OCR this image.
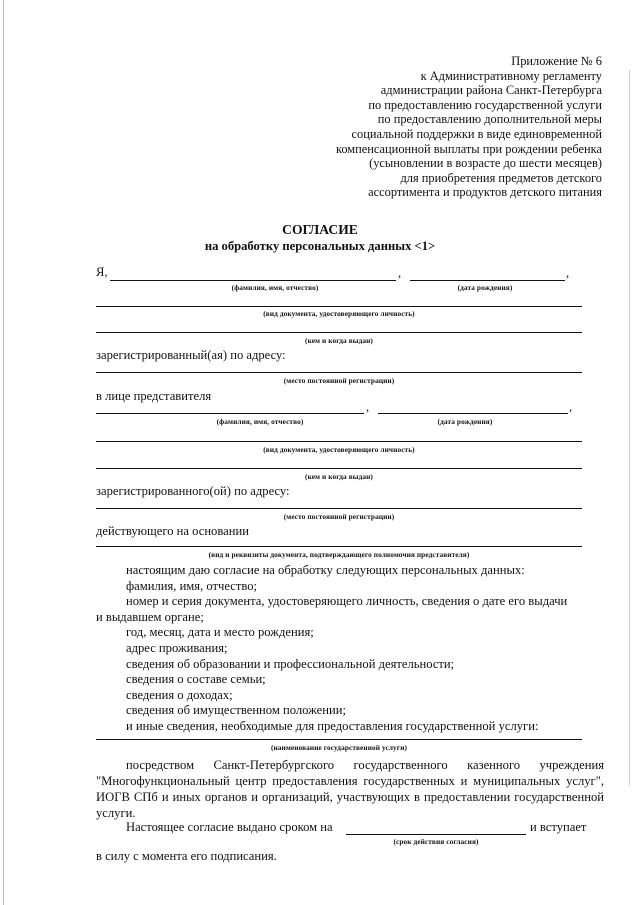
Приложение № 6
к Административному регламенту
администрации района Санкт-Петербурга
по предоставлению государственной услуги
по предоставлению дополнительной меры
социальной поддержки в виде единовременной
компенсационной выплаты при рождении ребенка
(усыновлении в возрасте до шести месяцев)
для приобретения предметов детского
ассортимента и продуктов детского питания
СОГЛАСИЕ
на обработку персональных данных <1>
Я,	,	,
(фамилия, имя, отчество)	(дата рождения)
(вид документа, удостоверяющего личность)
(кем и когда выдан)
зарегистрированный(ая) по адресу:
(место постоянной регистрации)
в лице представителя
,	,
(фамилия, имя, отчество)	(дата рождения)
(вид документа, удостоверяющего личность)
(кем и когда выдан)
зарегистрированного(ой) по адресу:
(место постоянной регистрации)
действующего на основании
(вид и реквизиты документа, подтверждающего полномочия представителя)
настоящим даю согласие на обработку следующих персональных данных:
фамилия, имя, отчество;
номер и серия документа, удостоверяющего личность, сведения о дате его выдачи
и выдавшем органе;
год, месяц, дата и место рождения;
адрес проживания;
сведения об образовании и профессиональной деятельности;
сведения о составе семьи;
сведения о доходах;
сведения об имущественном положении;
и иные сведения, необходимые для предоставления государственной услуги:
(наименование государственной услуги)
посредством Санкт-Петербургского государственного казенного учреждения "Многофункциональный центр предоставления государственных и муниципальных услуг", ИОГВ СПб и иных органов и организаций, участвующих в предоставлении государственной услуги.
Настоящее согласие выдано сроком на	и вступает
(срок действия согласия)
в силу с момента его подписания.
